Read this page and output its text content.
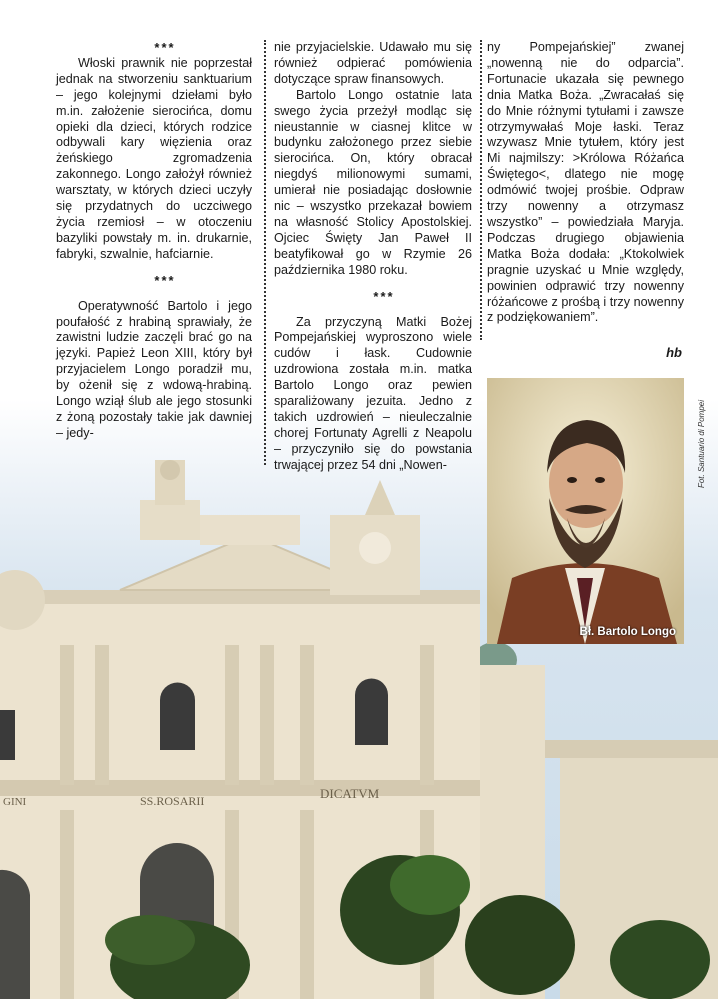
SS.ROSARII	DICATVM
GINI

***

Włoski prawnik nie poprzestał jednak na stworzeniu sanktuarium – jego kolejnymi dziełami było m.in. założenie sierocińca, domu opieki dla dzieci, których rodzice odbywali kary więzienia oraz żeńskiego zgromadzenia zakonnego. Longo założył również warsztaty, w których dzieci uczyły się przydatnych do uczciwego życia rzemiosł – w otoczeniu bazyliki powstały m. in. drukarnie, fabryki, szwalnie, hafciarnie.

***

Operatywność Bartolo i jego poufałość z hrabiną sprawiały, że zawistni ludzie zaczęli brać go na języki. Papież Leon XIII, który był przyjacielem Longo poradził mu, by ożenił się z wdową-hrabiną. Longo wziął ślub ale jego stosunki z żoną pozostały takie jak dawniej – jedy-

nie przyjacielskie. Udawało mu się również odpierać pomówienia dotyczące spraw finansowych.

Bartolo Longo ostatnie lata swego życia przeżył modląc się nieustannie w ciasnej klitce w budynku założonego przez siebie sierocińca. On, który obracał niegdyś milionowymi sumami, umierał nie posiadając dosłownie nic – wszystko przekazał bowiem na własność Stolicy Apostolskiej. Ojciec Święty Jan Paweł II beatyfikował go w Rzymie 26 października 1980 roku.

***

Za przyczyną Matki Bożej Pompejańskiej wyproszono wiele cudów i łask. Cudownie uzdrowiona została m.in. matka Bartolo Longo oraz pewien sparaliżowany jezuita. Jedno z takich uzdrowień – nieuleczalnie chorej Fortunaty Agrelli z Neapolu – przyczyniło się do powstania trwającej przez 54 dni „Nowen-

ny Pompejańskiej” zwanej „nowenną nie do odparcia”. Fortunacie ukazała się pewnego dnia Matka Boża. „Zwracałaś się do Mnie różnymi tytułami i zawsze otrzymywałaś Moje łaski. Teraz wzywasz Mnie tytułem, który jest Mi najmilszy: >Królowa Różańca Świętego<, dlatego nie mogę odmówić twojej prośbie. Odpraw trzy nowenny a otrzymasz wszystko” – powiedziała Maryja. Podczas drugiego objawienia Matka Boża dodała: „Ktokolwiek pragnie uzyskać u Mnie względy, powinien odprawić trzy nowenny różańcowe z prośbą i trzy nowenny z podziękowaniem”.

hb
Bł. Bartolo Longo
Fot. Santuario di Pompei
